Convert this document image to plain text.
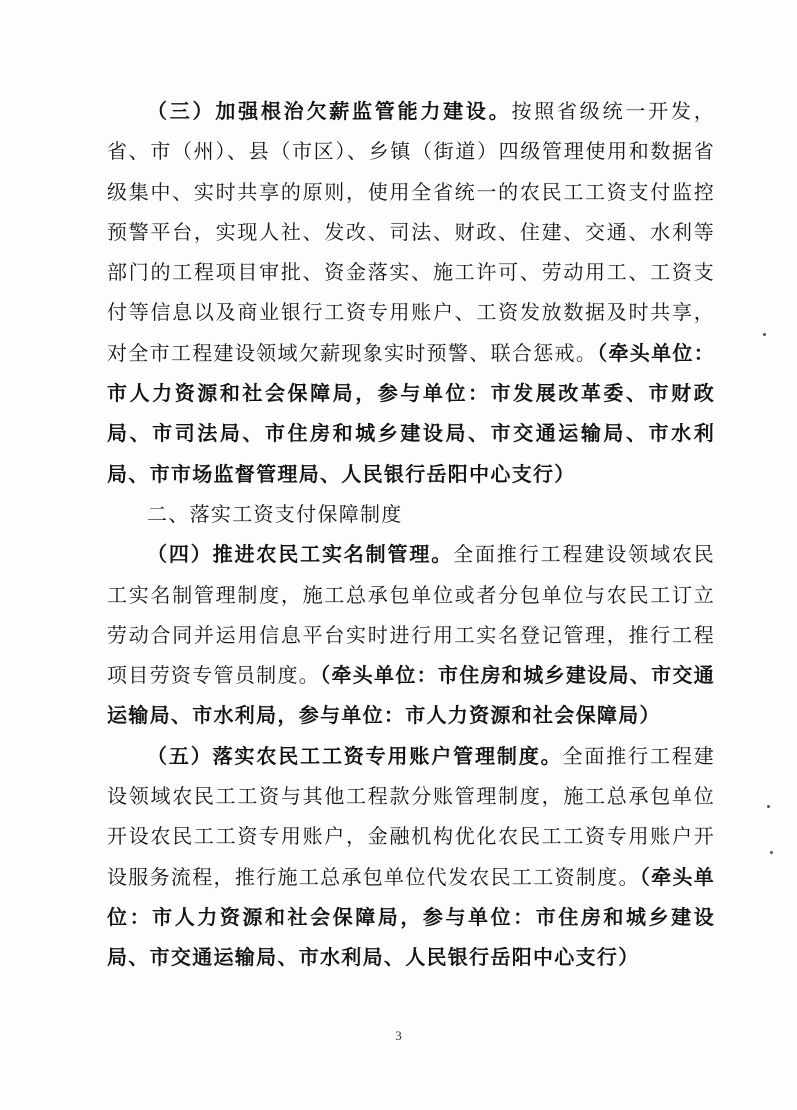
（三）加强根治欠薪监管能力建设。按照省级统一开发，省、市（州）、县（市区）、乡镇（街道）四级管理使用和数据省级集中、实时共享的原则，使用全省统一的农民工工资支付监控预警平台，实现人社、发改、司法、财政、住建、交通、水利等部门的工程项目审批、资金落实、施工许可、劳动用工、工资支付等信息以及商业银行工资专用账户、工资发放数据及时共享，对全市工程建设领域欠薪现象实时预警、联合惩戒。（牵头单位：市人力资源和社会保障局，参与单位：市发展改革委、市财政局、市司法局、市住房和城乡建设局、市交通运输局、市水利局、市市场监督管理局、人民银行岳阳中心支行）

二、落实工资支付保障制度

（四）推进农民工实名制管理。全面推行工程建设领域农民工实名制管理制度，施工总承包单位或者分包单位与农民工订立劳动合同并运用信息平台实时进行用工实名登记管理，推行工程项目劳资专管员制度。（牵头单位：市住房和城乡建设局、市交通运输局、市水利局，参与单位：市人力资源和社会保障局）

（五）落实农民工工资专用账户管理制度。全面推行工程建设领域农民工工资与其他工程款分账管理制度，施工总承包单位开设农民工工资专用账户，金融机构优化农民工工资专用账户开设服务流程，推行施工总承包单位代发农民工工资制度。（牵头单位：市人力资源和社会保障局，参与单位：市住房和城乡建设局、市交通运输局、市水利局、人民银行岳阳中心支行）

3
